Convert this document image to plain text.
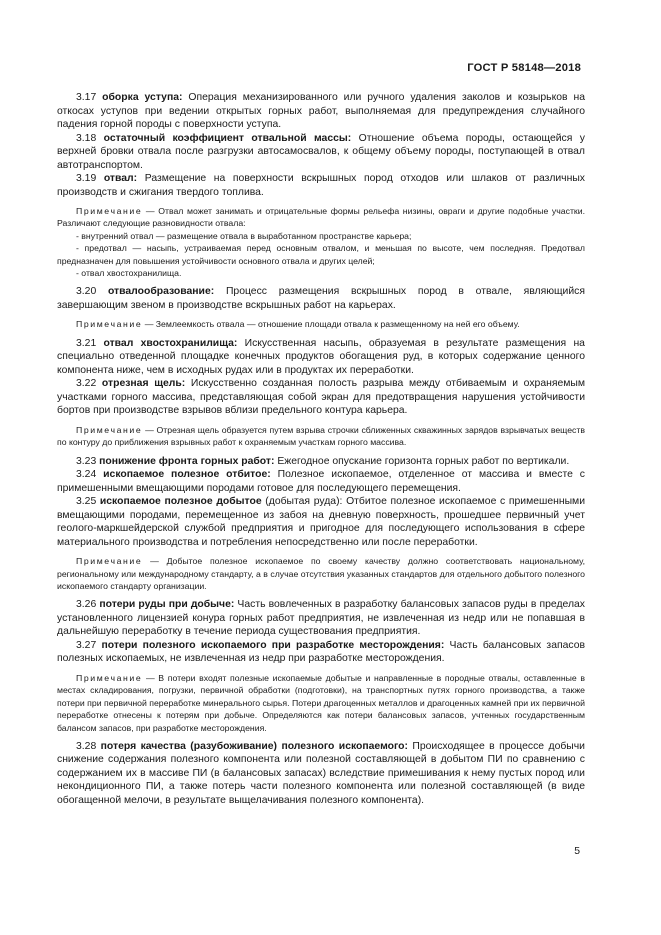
ГОСТ Р 58148—2018

3.17 оборка уступа: Операция механизированного или ручного удаления заколов и козырьков на откосах уступов при ведении открытых горных работ, выполняемая для предупреждения случайного падения горной породы с поверхности уступа.

3.18 остаточный коэффициент отвальной массы: Отношение объема породы, остающейся у верхней бровки отвала после разгрузки автосамосвалов, к общему объему породы, поступающей в отвал автотранспортом.

3.19 отвал: Размещение на поверхности вскрышных пород отходов или шлаков от различных производств и сжигания твердого топлива.

Примечание — Отвал может занимать и отрицательные формы рельефа низины, овраги и другие подобные участки. Различают следующие разновидности отвала:

- внутренний отвал — размещение отвала в выработанном пространстве карьера;

- предотвал — насыпь, устраиваемая перед основным отвалом, и меньшая по высоте, чем последняя. Предотвал предназначен для повышения устойчивости основного отвала и других целей;

- отвал хвостохранилища.

3.20 отвалообразование: Процесс размещения вскрышных пород в отвале, являющийся завершающим звеном в производстве вскрышных работ на карьерах.

Примечание — Землеемкость отвала — отношение площади отвала к размещенному на ней его объему.

3.21 отвал хвостохранилища: Искусственная насыпь, образуемая в результате размещения на специально отведенной площадке конечных продуктов обогащения руд, в которых содержание ценного компонента ниже, чем в исходных рудах или в продуктах их переработки.

3.22 отрезная щель: Искусственно созданная полость разрыва между отбиваемым и охраняемым участками горного массива, представляющая собой экран для предотвращения нарушения устойчивости бортов при производстве взрывов вблизи предельного контура карьера.

Примечание — Отрезная щель образуется путем взрыва строчки сближенных скважинных зарядов взрывчатых веществ по контуру до приближения взрывных работ к охраняемым участкам горного массива.

3.23 понижение фронта горных работ: Ежегодное опускание горизонта горных работ по вертикали.

3.24 ископаемое полезное отбитое: Полезное ископаемое, отделенное от массива и вместе с примешенными вмещающими породами готовое для последующего перемещения.

3.25 ископаемое полезное добытое (добытая руда): Отбитое полезное ископаемое с примешенными вмещающими породами, перемещенное из забоя на дневную поверхность, прошедшее первичный учет геолого-маркшейдерской службой предприятия и пригодное для последующего использования в сфере материального производства и потребления непосредственно или после переработки.

Примечание — Добытое полезное ископаемое по своему качеству должно соответствовать национальному, региональному или международному стандарту, а в случае отсутствия указанных стандартов для отдельного добытого полезного ископаемого стандарту организации.

3.26 потери руды при добыче: Часть вовлеченных в разработку балансовых запасов руды в пределах установленного лицензией конура горных работ предприятия, не извлеченная из недр или не попавшая в дальнейшую переработку в течение периода существования предприятия.

3.27 потери полезного ископаемого при разработке месторождения: Часть балансовых запасов полезных ископаемых, не извлеченная из недр при разработке месторождения.

Примечание — В потери входят полезные ископаемые добытые и направленные в породные отвалы, оставленные в местах складирования, погрузки, первичной обработки (подготовки), на транспортных путях горного производства, а также потери при первичной переработке минерального сырья. Потери драгоценных металлов и драгоценных камней при их первичной переработке отнесены к потерям при добыче. Определяются как потери балансовых запасов, учтенных государственным балансом запасов, при разработке месторождения.

3.28 потеря качества (разубоживание) полезного ископаемого: Происходящее в процессе добычи снижение содержания полезного компонента или полезной составляющей в добытом ПИ по сравнению с содержанием их в массиве ПИ (в балансовых запасах) вследствие примешивания к нему пустых пород или некондиционного ПИ, а также потерь части полезного компонента или полезной составляющей (в виде обогащенной мелочи, в результате выщелачивания полезного компонента).

5
